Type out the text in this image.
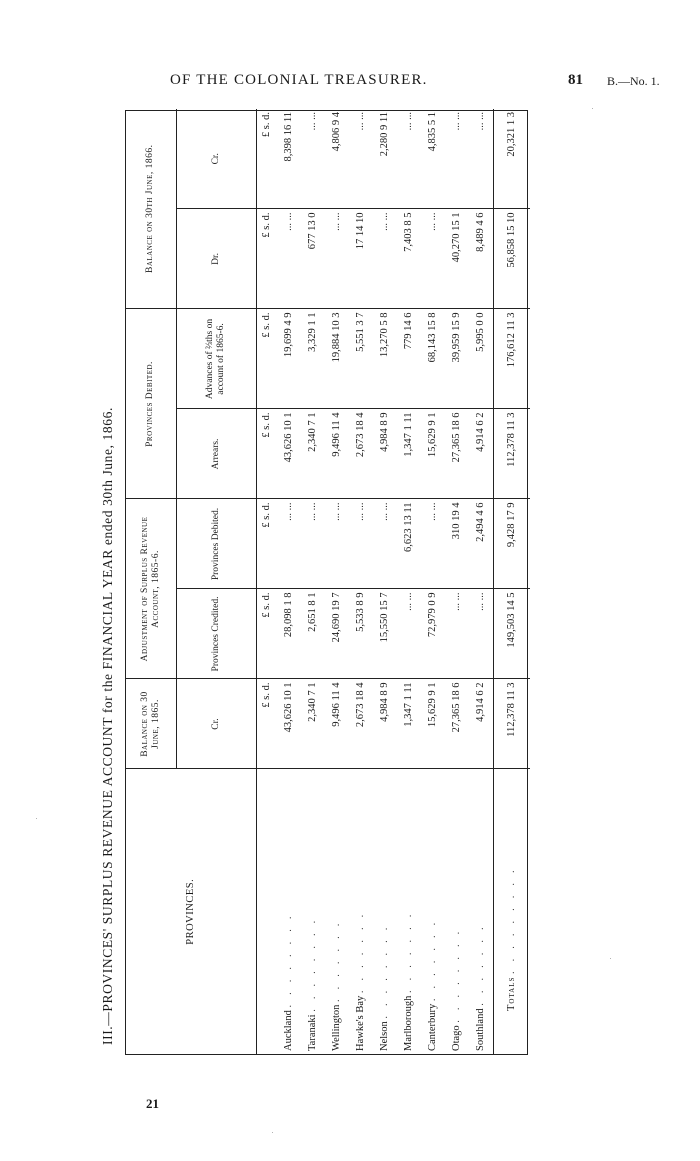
OF THE COLONIAL TREASURER.	81 B.—No. 1.
III.—PROVINCES' SURPLUS REVENUE ACCOUNT for the FINANCIAL YEAR ended 30th June, 1866.	PROVINCES.	Balance on 30 June, 1865.	Adjustment of Surplus Revenue Account, 1865-6.		Provinces Debited.		Balance on 30th June, 1866.	
	Cr.	Provinces Credited.	Provinces Debited.	Arrears.	Advances of ⅔ths on account of 1865-6.	Dr.	Cr.
	£ s. d.	£ s. d.	£ s. d.	£ s. d.	£ s. d.	£ s. d.	£ s. d.
Auckland ........	43,626 10 1	28,098 1 8	... ...	43,626 10 1	19,699 4 9	... ...	8,398 16 11
Taranaki ........	2,340 7 1	2,651 8 1	... ...	2,340 7 1	3,329 1 1	677 13 0	... ...
Wellington .......	9,496 11 4	24,690 19 7	... ...	9,496 11 4	19,884 10 3	... ...	4,806 9 4
Hawke's Bay .......	2,673 18 4	5,533 8 9	... ...	2,673 18 4	5,551 3 7	17 14 10	... ...
Nelson ........	4,984 8 9	15,550 15 7	... ...	4,984 8 9	13,270 5 8	... ...	2,280 9 11
Marlborough .......	1,347 1 11	... ...	6,623 13 11	1,347 1 11	779 14 6	7,403 8 5	... ...
Canterbury .......	15,629 9 1	72,979 0 9	... ...	15,629 9 1	68,143 15 8	... ...	4,835 5 1
Otago ........	27,365 18 6	... ...	310 19 4	27,365 18 6	39,959 15 9	40,270 15 1	... ...
Southland .......	4,914 6 2	... ...	2,494 4 6	4,914 6 2	5,995 0 0	8,489 4 6	... ...
Totals .........	112,378 11 3	149,503 14 5	9,428 17 9	112,378 11 3	176,612 11 3	56,858 15 10	20,321 1 3
21
